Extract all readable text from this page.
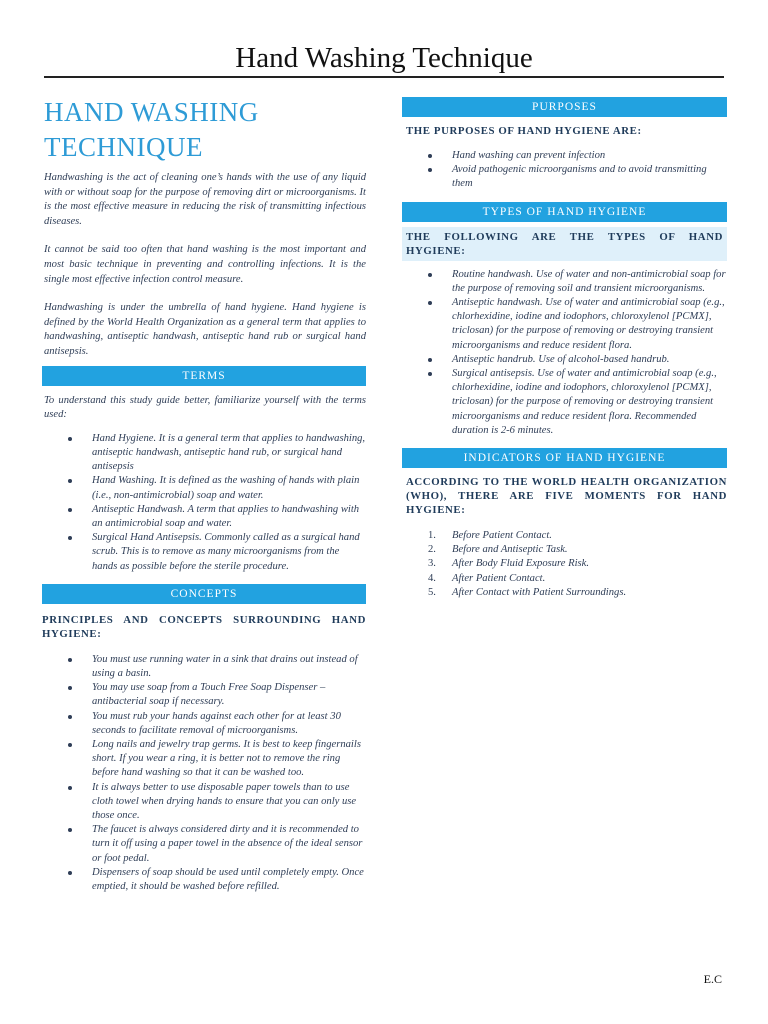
Hand Washing Technique
HAND WASHING
TECHNIQUE

Handwashing is the act of cleaning one’s hands with the use of any liquid with or without soap for the purpose of removing dirt or microorganisms. It is the most effective measure in reducing the risk of transmitting infectious diseases.

It cannot be said too often that hand washing is the most important and most basic technique in preventing and controlling infections. It is the single most effective infection control measure.

Handwashing is under the umbrella of hand hygiene. Hand hygiene is defined by the World Health Organization as a general term that applies to handwashing, antiseptic handwash, antiseptic hand rub or surgical hand antisepsis.

TERMS

To understand this study guide better, familiarize yourself with the terms used:

Hand Hygiene. It is a general term that applies to handwashing, antiseptic handwash, antiseptic hand rub, or surgical hand antisepsis
Hand Washing. It is defined as the washing of hands with plain (i.e., non-antimicrobial) soap and water.
Antiseptic Handwash. A term that applies to handwashing with an antimicrobial soap and water.
Surgical Hand Antisepsis. Commonly called as a surgical hand scrub. This is to remove as many microorganisms from the hands as possible before the sterile procedure.
CONCEPTS
PRINCIPLES AND CONCEPTS SURROUNDING HAND HYGIENE:
You must use running water in a sink that drains out instead of using a basin.
You may use soap from a Touch Free Soap Dispenser – antibacterial soap if necessary.
You must rub your hands against each other for at least 30 seconds to facilitate removal of microorganisms.
Long nails and jewelry trap germs. It is best to keep fingernails short. If you wear a ring, it is better not to remove the ring before hand washing so that it can be washed too.
It is always better to use disposable paper towels than to use cloth towel when drying hands to ensure that you can only use those once.
The faucet is always considered dirty and it is recommended to turn it off using a paper towel in the absence of the ideal sensor or foot pedal.
Dispensers of soap should be used until completely empty. Once emptied, it should be washed before refilled.
PURPOSES
THE PURPOSES OF HAND HYGIENE ARE:
Hand washing can prevent infection
Avoid pathogenic microorganisms and to avoid transmitting them
TYPES OF HAND HYGIENE
THE FOLLOWING ARE THE TYPES OF HAND HYGIENE:
Routine handwash. Use of water and non-antimicrobial soap for the purpose of removing soil and transient microorganisms.
Antiseptic handwash. Use of water and antimicrobial soap (e.g., chlorhexidine, iodine and iodophors, chloroxylenol [PCMX], triclosan) for the purpose of removing or destroying transient microorganisms and reduce resident flora.
Antiseptic handrub. Use of alcohol-based handrub.
Surgical antisepsis. Use of water and antimicrobial soap (e.g., chlorhexidine, iodine and iodophors, chloroxylenol [PCMX], triclosan) for the purpose of removing or destroying transient microorganisms and reduce resident flora. Recommended duration is 2-6 minutes.
INDICATORS OF HAND HYGIENE
ACCORDING TO THE WORLD HEALTH ORGANIZATION (WHO), THERE ARE FIVE MOMENTS FOR HAND HYGIENE:
1. Before Patient Contact.
2. Before and Antiseptic Task.
3. After Body Fluid Exposure Risk.
4. After Patient Contact.
5. After Contact with Patient Surroundings.
E.C
